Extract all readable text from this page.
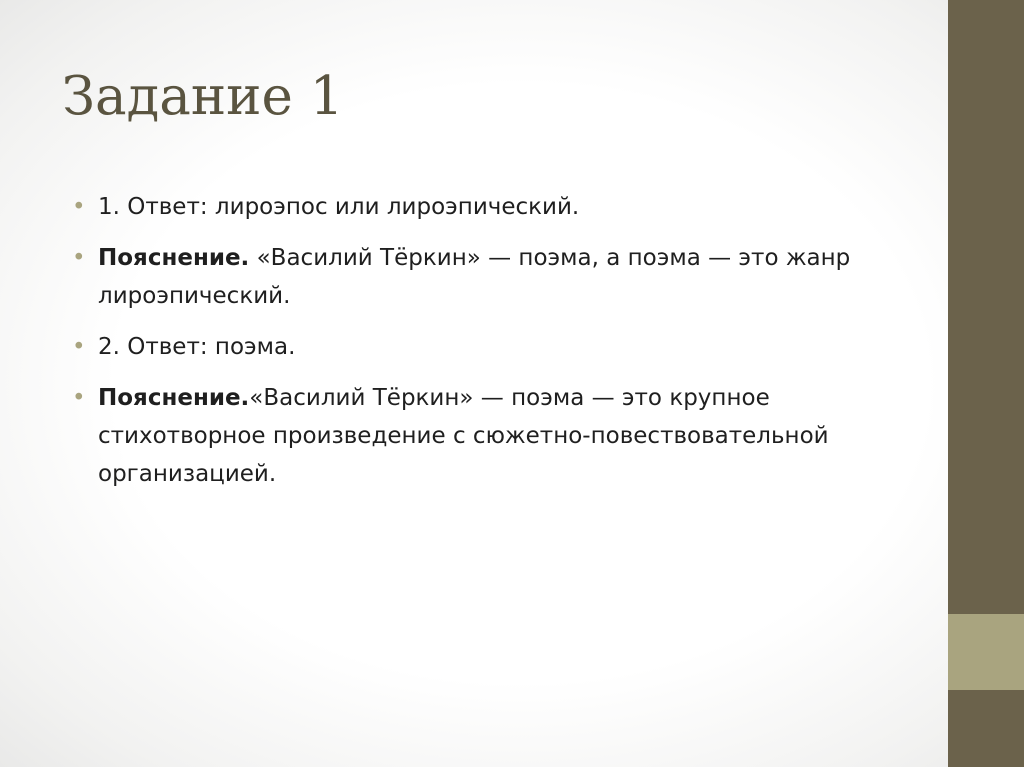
Задание 1
• 1. Ответ: лироэпос или лироэпический.
• Пояснение. «Василий Тёркин» — поэма, а поэма — это жанр лироэпический.
• 2. Ответ: поэма.
• Пояснение.«Василий Тёркин» — поэма — это крупное стихотворное произведение с сюжетно-повествовательной организацией.
